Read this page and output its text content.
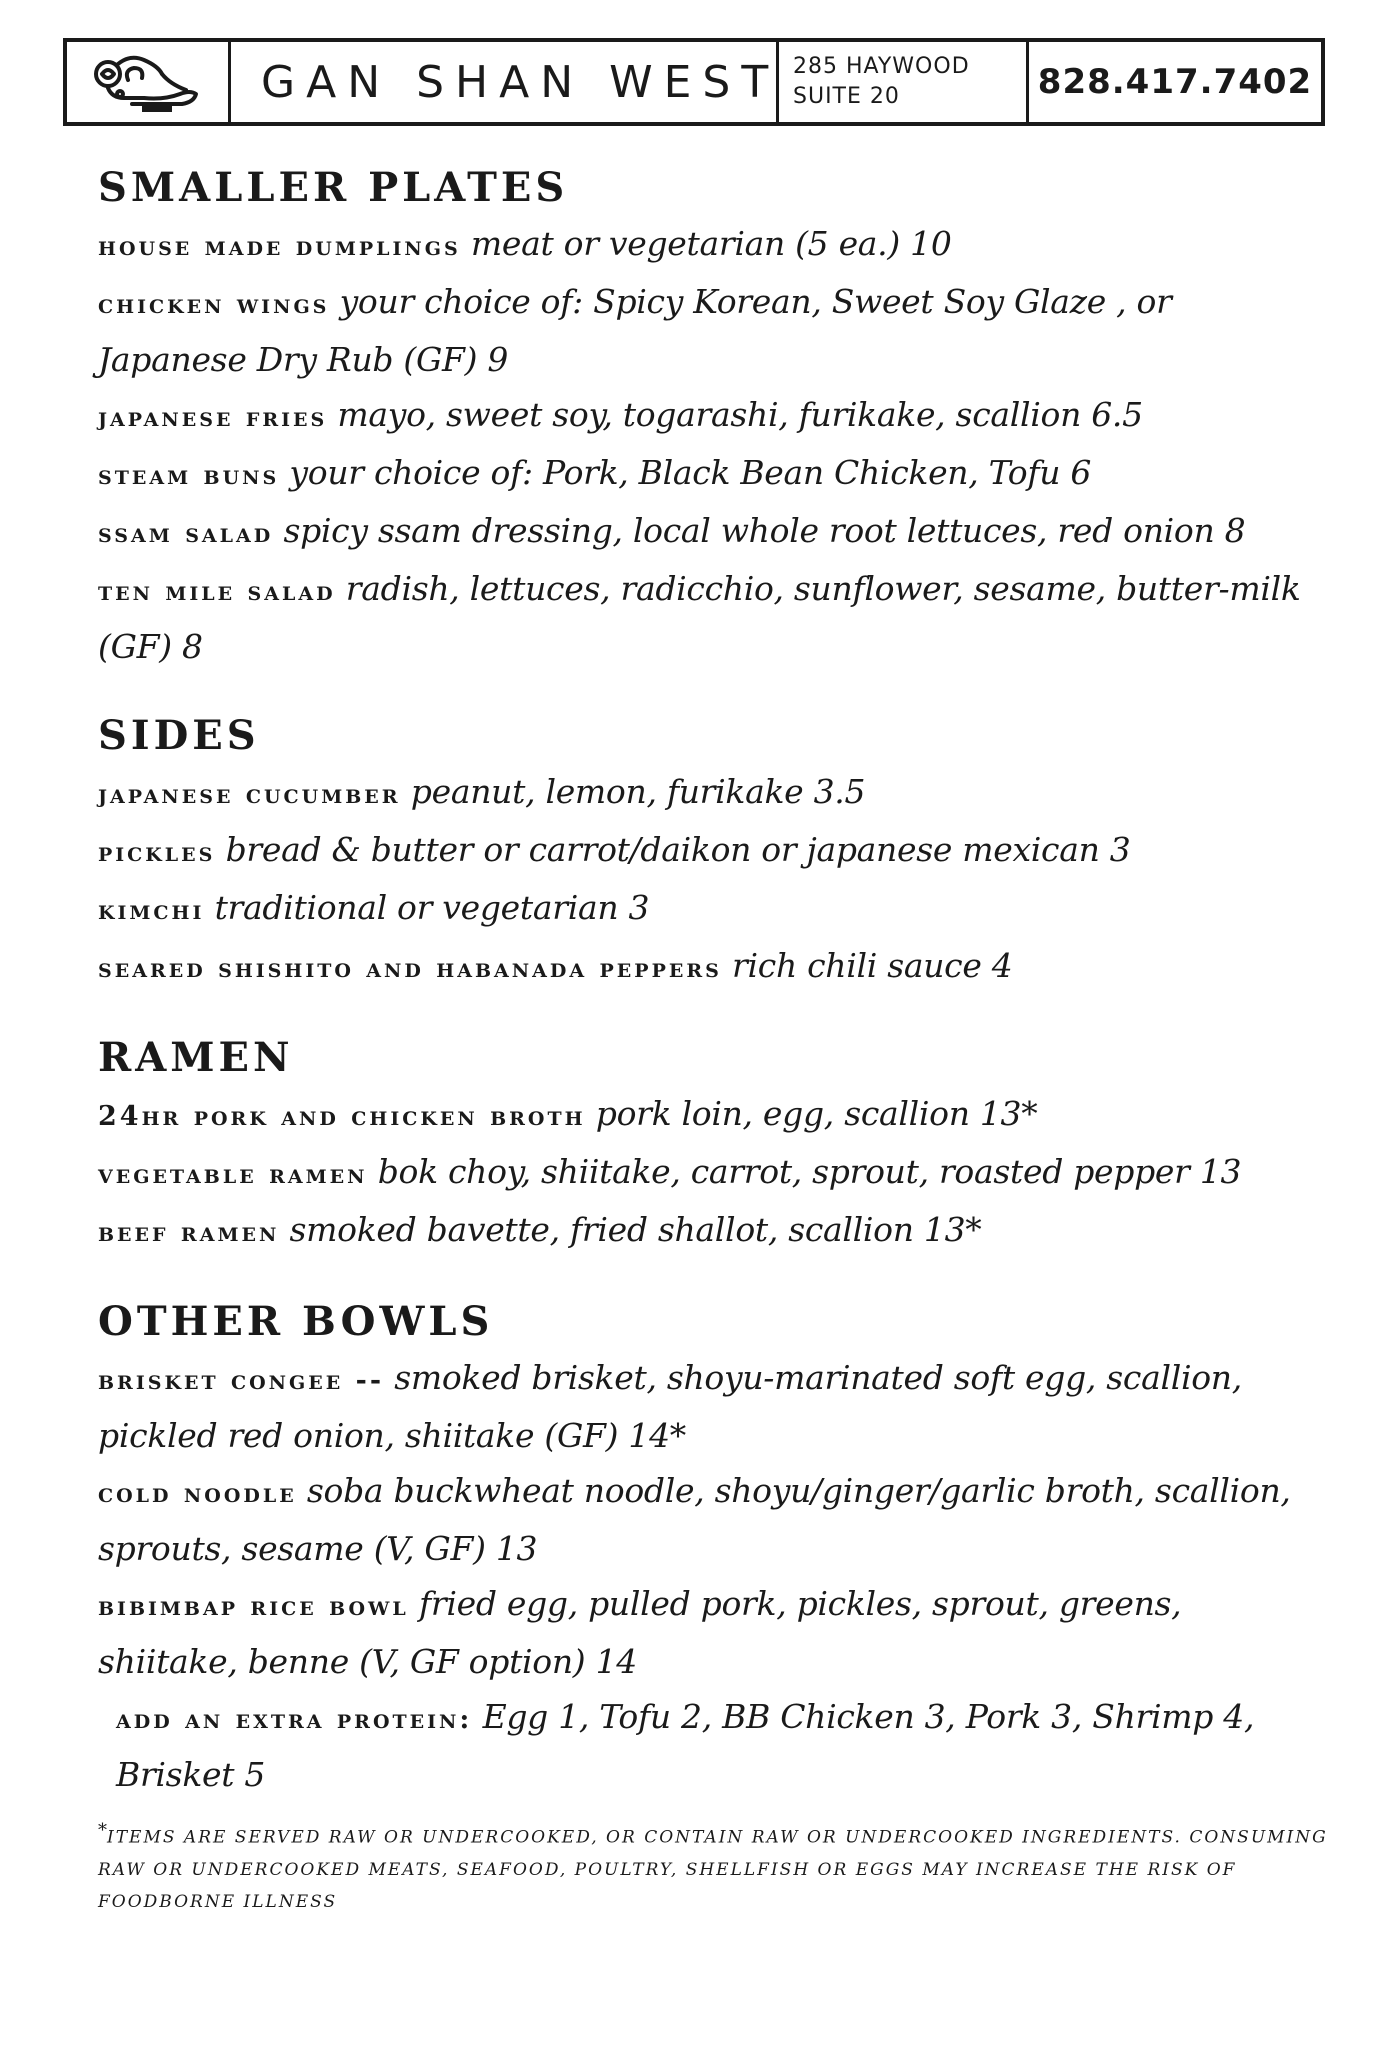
GAN SHAN WEST 285 HAYWOOD
SUITE 20	828.417.7402
SMALLER PLATES
house made dumplings meat or vegetarian (5 ea.) 10
chicken wings your choice of: Spicy Korean, Sweet Soy Glaze , or Japanese Dry Rub (GF) 9
japanese fries mayo, sweet soy, togarashi, furikake, scallion 6.5
steam buns your choice of: Pork, Black Bean Chicken, Tofu 6
ssam salad spicy ssam dressing, local whole root lettuces, red onion 8
ten mile salad radish, lettuces, radicchio, sunflower, sesame, butter-milk (GF) 8
SIDES
japanese cucumber peanut, lemon, furikake 3.5
pickles bread & butter or carrot/daikon or japanese mexican 3
kimchi traditional or vegetarian 3
seared shishito and habanada peppers rich chili sauce 4
RAMEN
24hr pork and chicken broth pork loin, egg, scallion 13*
vegetable ramen bok choy, shiitake, carrot, sprout, roasted pepper 13
beef ramen smoked bavette, fried shallot, scallion 13*
OTHER BOWLS
brisket congee -- smoked brisket, shoyu-marinated soft egg, scallion, pickled red onion, shiitake (GF) 14*
cold noodle soba buckwheat noodle, shoyu/ginger/garlic broth, scallion, sprouts, sesame (V, GF) 13
bibimbap rice bowl fried egg, pulled pork, pickles, sprout, greens, shiitake, benne (V, GF option) 14
add an extra protein: Egg 1, Tofu 2, BB Chicken 3, Pork 3, Shrimp 4, Brisket 5
*ITEMS ARE SERVED RAW OR UNDERCOOKED, OR CONTAIN RAW OR UNDERCOOKED INGREDIENTS. CONSUMING RAW OR UNDERCOOKED MEATS, SEAFOOD, POULTRY, SHELLFISH OR EGGS MAY INCREASE THE RISK OF FOODBORNE ILLNESS
